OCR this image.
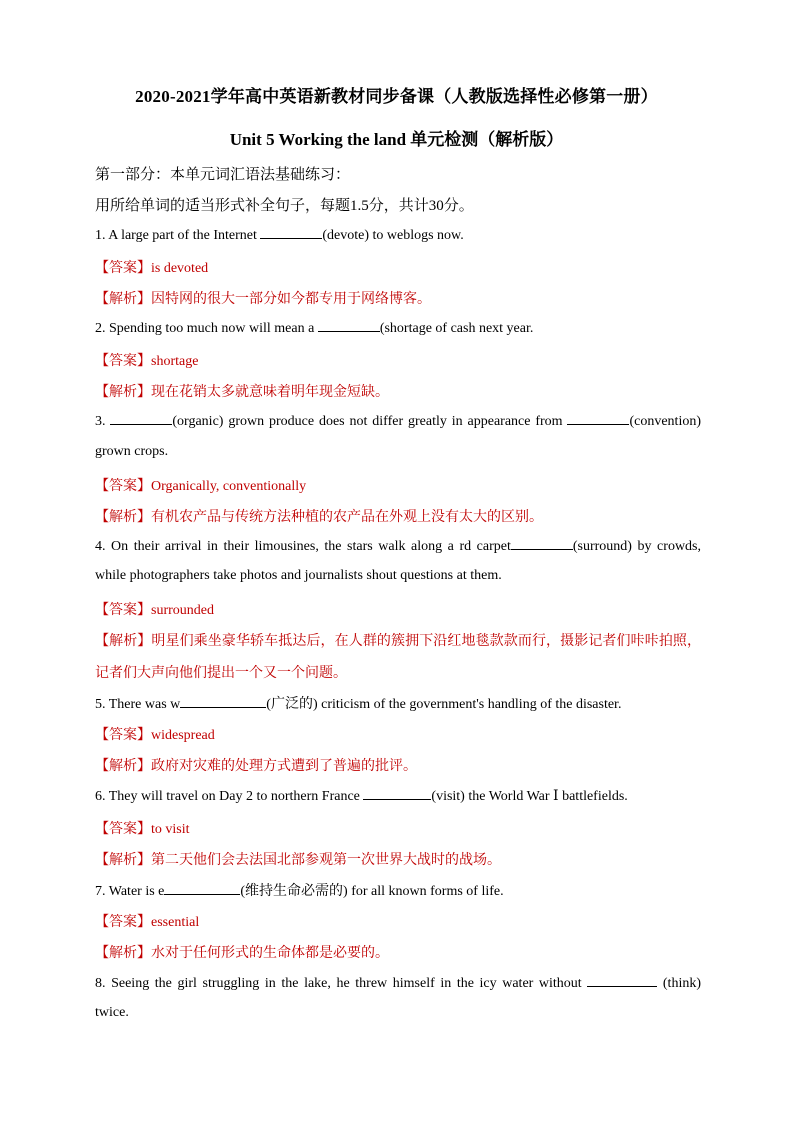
2020-2021学年高中英语新教材同步备课（人教版选择性必修第一册）
Unit 5 Working the land 单元检测（解析版）
第一部分：本单元词汇语法基础练习：
用所给单词的适当形式补全句子，每题1.5分，共计30分。
1. A large part of the Internet	(devote) to weblogs now.
【答案】is devoted
【解析】因特网的很大一部分如今都专用于网络博客。
2. Spending too much now will mean a	(shortage of cash next year.
【答案】shortage
【解析】现在花销太多就意味着明年现金短缺。
3.	(organic) grown produce does not differ greatly in appearance from	(convention)
grown crops.
【答案】Organically, conventionally
【解析】有机农产品与传统方法种植的农产品在外观上没有太大的区别。
4. On their arrival in their limousines, the stars walk along a rd carpet	(surround) by crowds,
while photographers take photos and journalists shout questions at them.
【答案】surrounded
【解析】明星们乘坐豪华轿车抵达后，在人群的簇拥下沿红地毯款款而行，摄影记者们咔咔拍照，
记者们大声向他们提出一个又一个问题。
5. There was w	(广泛的) criticism of the government's handling of the disaster.
【答案】widespread
【解析】政府对灾难的处理方式遭到了普遍的批评。
6. They will travel on Day 2 to northern France	(visit) the World War Ⅰ battlefields.
【答案】to visit
【解析】第二天他们会去法国北部参观第一次世界大战时的战场。
7. Water is e	(维持生命必需的) for all known forms of life.
【答案】essential
【解析】水对于任何形式的生命体都是必要的。
8. Seeing the girl struggling in the lake, he threw himself in the icy water without	(think)
twice.
